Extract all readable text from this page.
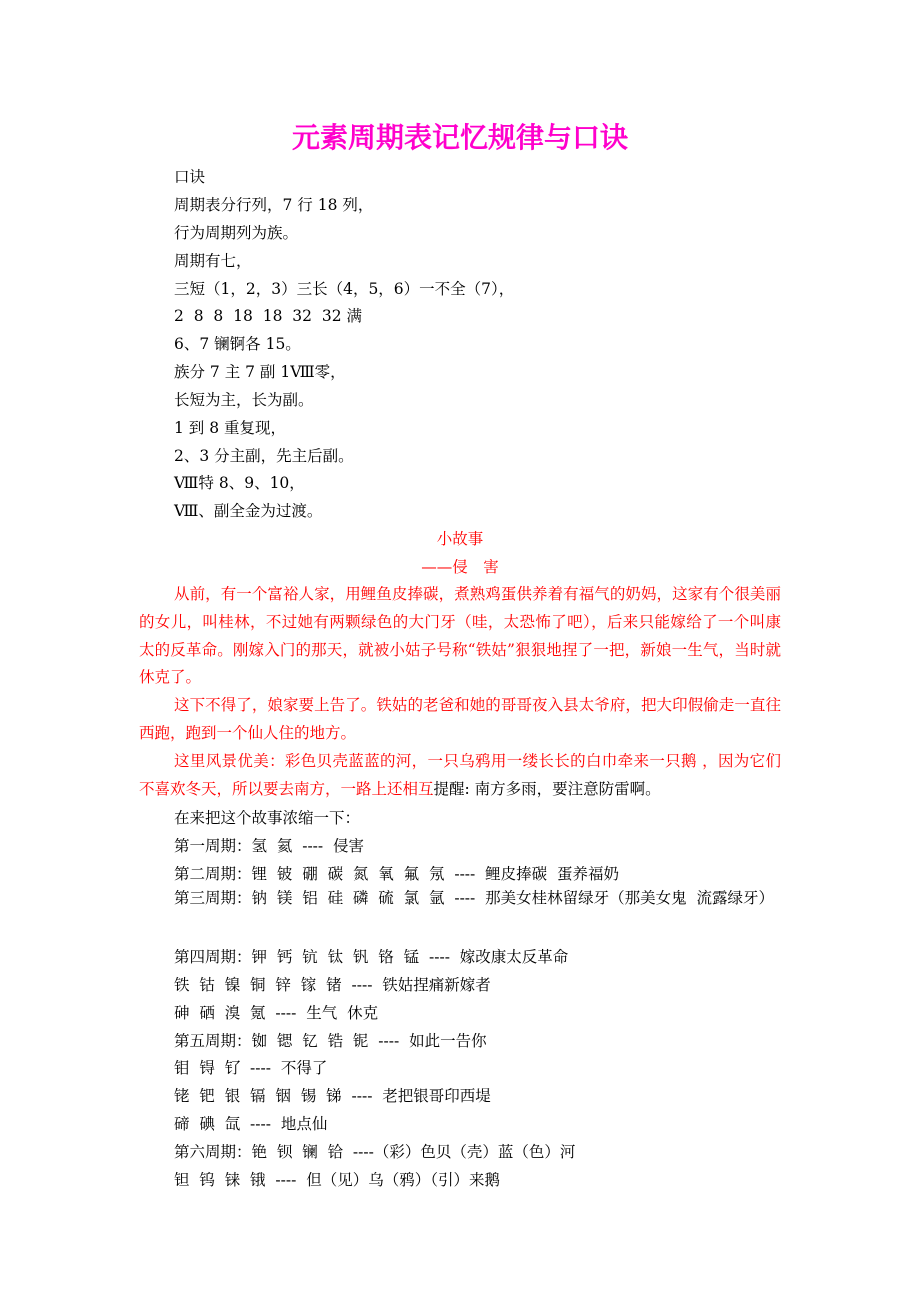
元素周期表记忆规律与口诀
口诀
周期表分行列，7 行 18 列，
行为周期列为族。
周期有七，
三短（1，2，3）三长（4，5，6）一不全（7），
2  8  8  18  18  32  32 满
6、7 镧锕各 15。
族分 7 主 7 副 1Ⅷ零，
长短为主，长为副。
1 到 8 重复现，
2、3 分主副，先主后副。
Ⅷ特 8、9、10，
Ⅷ、副全金为过渡。
小故事
——侵　害

从前，有一个富裕人家，用鲤鱼皮捧碳，煮熟鸡蛋供养着有福气的奶妈，这家有个很美丽的女儿，叫桂林，不过她有两颗绿色的大门牙（哇，太恐怖了吧），后来只能嫁给了一个叫康太的反革命。刚嫁入门的那天，就被小姑子号称“铁姑”狠狠地捏了一把，新娘一生气，当时就休克了。

这下不得了，娘家要上告了。铁姑的老爸和她的哥哥夜入县太爷府，把大印假偷走一直往西跑，跑到一个仙人住的地方。

这里风景优美：彩色贝壳蓝蓝的河，一只乌鸦用一缕长长的白巾牵来一只鹅 ，因为它们不喜欢冬天，所以要去南方，一路上还相互提醒: 南方多雨，要注意防雷啊。

在来把这个故事浓缩一下：
第一周期：氢  氦  ----  侵害
第二周期：锂  铍  硼  碳  氮  氧  氟  氖  ----  鲤皮捧碳  蛋养福奶

第三周期：钠  镁  铝  硅  磷  硫  氯  氩  ----  那美女桂林留绿牙（那美女鬼  流露绿牙）

第四周期：钾  钙  钪  钛  钒  铬  锰  ----  嫁改康太反革命
铁  钴  镍  铜  锌  镓  锗  ----  铁姑捏痛新嫁者
砷  硒  溴  氪  ----  生气  休克
第五周期：铷  锶  钇  锆  铌  ----  如此一告你
钼  锝  钌  ----  不得了
铑  钯  银  镉  铟  锡  锑  ----  老把银哥印西堤
碲  碘  氙  ----  地点仙
第六周期：铯  钡  镧  铪  ----（彩）色贝（壳）蓝（色）河
钽  钨  铼  锇  ----  但（见）乌（鸦）（引）来鹅
